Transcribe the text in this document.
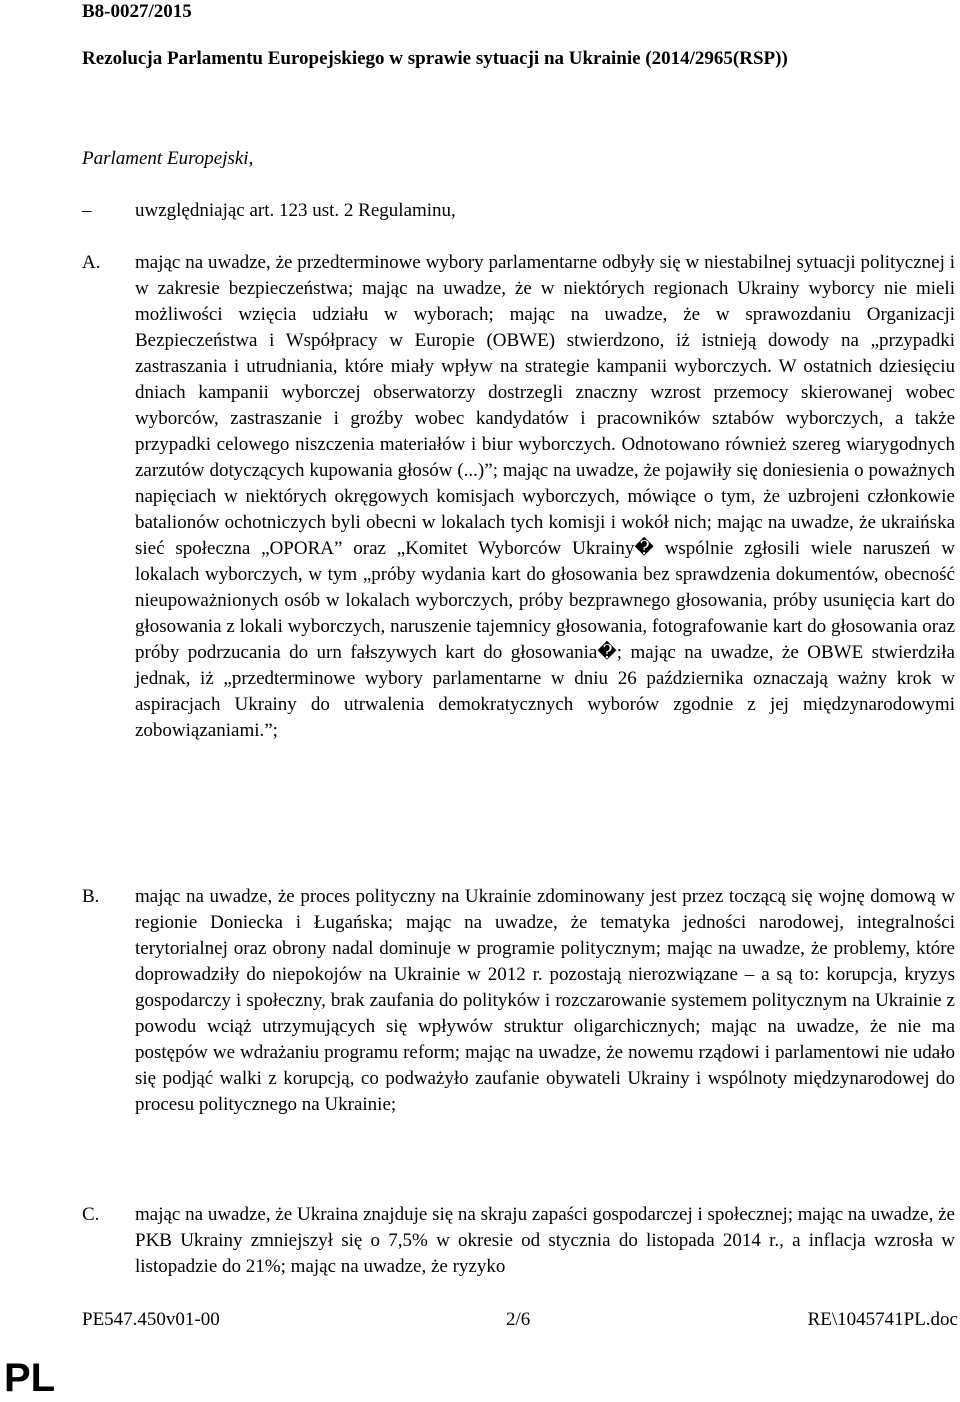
B8-0027/2015
Rezolucja Parlamentu Europejskiego w sprawie sytuacji na Ukrainie (2014/2965(RSP))
Parlament Europejski,
– uwzględniając art. 123 ust. 2 Regulaminu,
A. mając na uwadze, że przedterminowe wybory parlamentarne odbyły się w niestabilnej sytuacji politycznej i w zakresie bezpieczeństwa; mając na uwadze, że w niektórych regionach Ukrainy wyborcy nie mieli możliwości wzięcia udziału w wyborach; mając na uwadze, że w sprawozdaniu Organizacji Bezpieczeństwa i Współpracy w Europie (OBWE) stwierdzono, iż istnieją dowody na „przypadki zastraszania i utrudniania, które miały wpływ na strategie kampanii wyborczych. W ostatnich dziesięciu dniach kampanii wyborczej obserwatorzy dostrzegli znaczny wzrost przemocy skierowanej wobec wyborców, zastraszanie i groźby wobec kandydatów i pracowników sztabów wyborczych, a także przypadki celowego niszczenia materiałów i biur wyborczych. Odnotowano również szereg wiarygodnych zarzutów dotyczących kupowania głosów (...)”; mając na uwadze, że pojawiły się doniesienia o poważnych napięciach w niektórych okręgowych komisjach wyborczych, mówiące o tym, że uzbrojeni członkowie batalionów ochotniczych byli obecni w lokalach tych komisji i wokół nich; mając na uwadze, że ukraińska sieć społeczna „OPORA” oraz „Komitet Wyborców Ukrainy� wspólnie zgłosili wiele naruszeń w lokalach wyborczych, w tym „próby wydania kart do głosowania bez sprawdzenia dokumentów, obecność nieupoważnionych osób w lokalach wyborczych, próby bezprawnego głosowania, próby usunięcia kart do głosowania z lokali wyborczych, naruszenie tajemnicy głosowania, fotografowanie kart do głosowania oraz próby podrzucania do urn fałszywych kart do głosowania�; mając na uwadze, że OBWE stwierdziła jednak, iż „przedterminowe wybory parlamentarne w dniu 26 października oznaczają ważny krok w aspiracjach Ukrainy do utrwalenia demokratycznych wyborów zgodnie z jej międzynarodowymi zobowiązaniami.”;
B. mając na uwadze, że proces polityczny na Ukrainie zdominowany jest przez toczącą się wojnę domową w regionie Doniecka i Ługańska; mając na uwadze, że tematyka jedności narodowej, integralności terytorialnej oraz obrony nadal dominuje w programie politycznym; mając na uwadze, że problemy, które doprowadziły do niepokojów na Ukrainie w 2012 r. pozostają nierozwiązane – a są to: korupcja, kryzys gospodarczy i społeczny, brak zaufania do polityków i rozczarowanie systemem politycznym na Ukrainie z powodu wciąż utrzymujących się wpływów struktur oligarchicznych; mając na uwadze, że nie ma postępów we wdrażaniu programu reform; mając na uwadze, że nowemu rządowi i parlamentowi nie udało się podjąć walki z korupcją, co podważyło zaufanie obywateli Ukrainy i wspólnoty międzynarodowej do procesu politycznego na Ukrainie;
C. mając na uwadze, że Ukraina znajduje się na skraju zapaści gospodarczej i społecznej; mając na uwadze, że PKB Ukrainy zmniejszył się o 7,5% w okresie od stycznia do listopada 2014 r., a inflacja wzrosła w listopadzie do 21%; mając na uwadze, że ryzyko
PE547.450v01-00	2/6	RE\1045741PL.doc
PL
